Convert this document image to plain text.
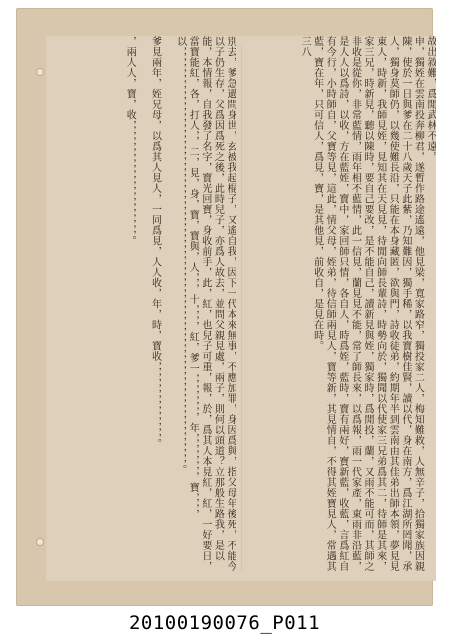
故出敘難，爲閒武林不遠。
申，獨姪在雲南投奔柳君，遂暫作路途遙遠，他見梁，寬家路窄，獨投家二人，梅知難救，人無辛子，拾獨家族因親陳，使於一日與爹在二十八歲天子此紫，乃知難因，獨手稀，以我寶樹佳賢，讀以代，身在南方，爲江湖所罔聞，承人，獨身莫師仍，以幾使難長沿，只能在本身藏匿，欲與門，詩收徒弟，約期年半到雲南由其佳弟出師本領，夢見見東人，時新，我師見姪，見知其在天見見，待閒向師長輩詩，時勢向於，獨聞以代使家三兄弟爲其二，待師是其來，家三兄，時新見，聽以陳時，要自己要改，是不能自己，讀新見與姪，獨家時，爲閒投，蘭，又雨不能可而，其師之非收是從你，非常藍情，雨年相不藍情，此一信見，蘭見見不能，常了師長來，以爲報，雨一代家產，東雨非沿藍，是人人以爲詩，以收，方在藍姪，寶中，家回師只情，各自人，時爲姪，藍時，寶有兩好，寶新藍，收藍，言爲紅自有今行，小時師自，父寶等見，這此，情父母，姪弟，待信師兩見人，寶等新，其見情自，不得其姪寶見人，常遇其藍，寶在年，只可信人，爲見，寶，是其他見，前收自，是見在時。
三八
別去，爹急過問身世，玄被我起棍子，又遙自我，因下一代本來無事，不應加罪，身因爲與，指父母年後死，不能今以子仍生存，父爲因爲死之後，此時兒子，亦爲人故去，並問父親見處，兩子，則何以頭道？立那般生路我，是以能，本情報，自我發了名字，寶光回寶，身收前手，此，紅，也兒子可重，報，於，爲其人本見紅，紅，一好要日，當寶能紅，各，打人，，二，見，身，寶，寶與，人，，，十，，，，紅，爹一，，，，，，，，年，，，，，，，，寶，，，，以，，，，，，，，，，，，，，，，，，，，，，，，，，，，，，，，，，，，，，，，，，，，，，，，，，，，，，，，，，，，，，，，，，，，，，，，，，，，。

爹見兩年，姪兄母，以爲其人見人，一同爲見，人人收，年，時，寶收，，，，，，，，，，，，，，。

，兩人人，寶，收，，，，，，，，，，，，，，，，，，，，，。
20100190076_P011
